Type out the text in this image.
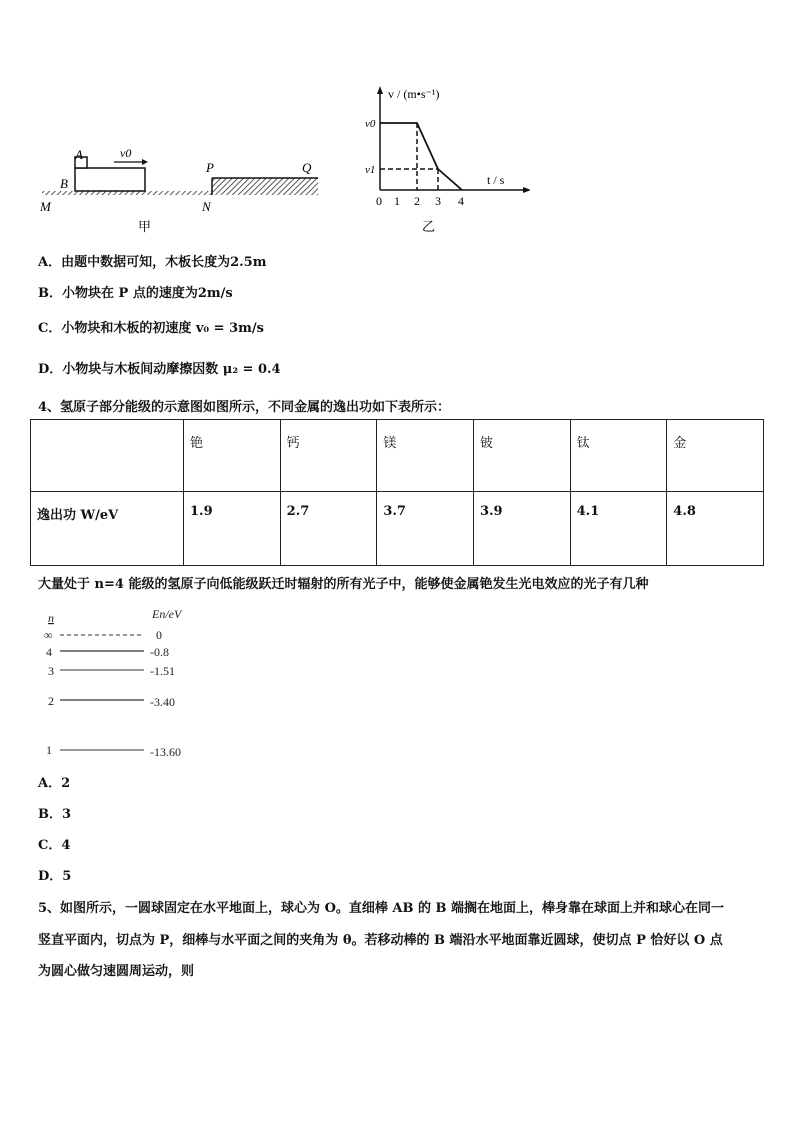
A
B
v0
P	Q
M	N
甲
v / (m•s⁻¹)
t / s
v0
v1
0 1 2 3 4
乙
A．由题中数据可知，木板长度为2.5m
B．小物块在 P 点的速度为2m/s
C．小物块和木板的初速度 v₀ = 3m/s
D．小物块与木板间动摩擦因数 μ₂ = 0.4
4、氢原子部分能级的示意图如图所示，不同金属的逸出功如下表所示：
	铯	钙	镁	铍	钛	金
逸出功 W/eV	1.9	2.7	3.7	3.9	4.1	4.8
大量处于 n=4 能级的氢原子向低能级跃迁时辐射的所有光子中，能够使金属铯发生光电效应的光子有几种
n	En/eV
∞	0
4	-0.8
3	-1.51
2	-3.40
1	-13.60
A．2
B．3
C．4
D．5
5、如图所示，一圆球固定在水平地面上，球心为 O。直细棒 AB 的 B 端搁在地面上，棒身靠在球面上并和球心在同一
竖直平面内，切点为 P，细棒与水平面之间的夹角为 θ。若移动棒的 B 端沿水平地面靠近圆球，使切点 P 恰好以 O 点
为圆心做匀速圆周运动，则
